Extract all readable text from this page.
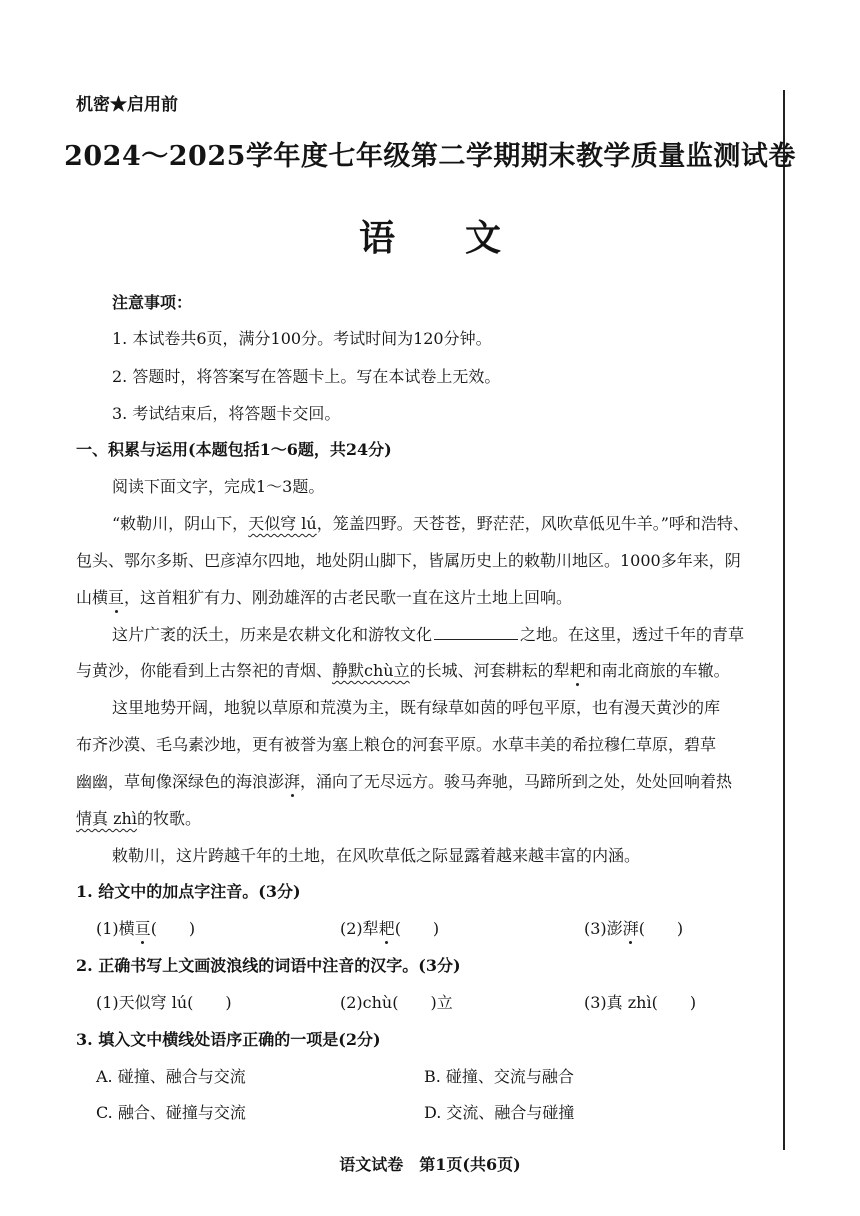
机密★启用前
2024～2025学年度七年级第二学期期末教学质量监测试卷
语文
注意事项：
1. 本试卷共6页，满分100分。考试时间为120分钟。
2. 答题时，将答案写在答题卡上。写在本试卷上无效。
3. 考试结束后，将答题卡交回。
一、积累与运用(本题包括1～6题，共24分)
阅读下面文字，完成1～3题。
“敕勒川，阴山下，天似穹 lú，笼盖四野。天苍苍，野茫茫，风吹草低见牛羊。”呼和浩特、
包头、鄂尔多斯、巴彦淖尔四地，地处阴山脚下，皆属历史上的敕勒川地区。1000多年来，阴
山横亘，这首粗犷有力、刚劲雄浑的古老民歌一直在这片土地上回响。
这片广袤的沃土，历来是农耕文化和游牧文化	之地。在这里，透过千年的青草
与黄沙，你能看到上古祭祀的青烟、静默chù立的长城、河套耕耘的犁耙和南北商旅的车辙。
这里地势开阔，地貌以草原和荒漠为主，既有绿草如茵的呼包平原，也有漫天黄沙的库
布齐沙漠、毛乌素沙地，更有被誉为塞上粮仓的河套平原。水草丰美的希拉穆仁草原，碧草
幽幽，草甸像深绿色的海浪澎湃，涌向了无尽远方。骏马奔驰，马蹄所到之处，处处回响着热
情真 zhì的牧歌。
敕勒川，这片跨越千年的土地，在风吹草低之际显露着越来越丰富的内涵。
1. 给文中的加点字注音。(3分)
(1)横亘(　　)	(2)犁耙(　　)	(3)澎湃(　　)
2. 正确书写上文画波浪线的词语中注音的汉字。(3分)
(1)天似穹 lú(　　)	(2)chù(　　)立	(3)真 zhì(　　)
3. 填入文中横线处语序正确的一项是(2分)
A. 碰撞、融合与交流	B. 碰撞、交流与融合
C. 融合、碰撞与交流	D. 交流、融合与碰撞
语文试卷　第1页(共6页)
